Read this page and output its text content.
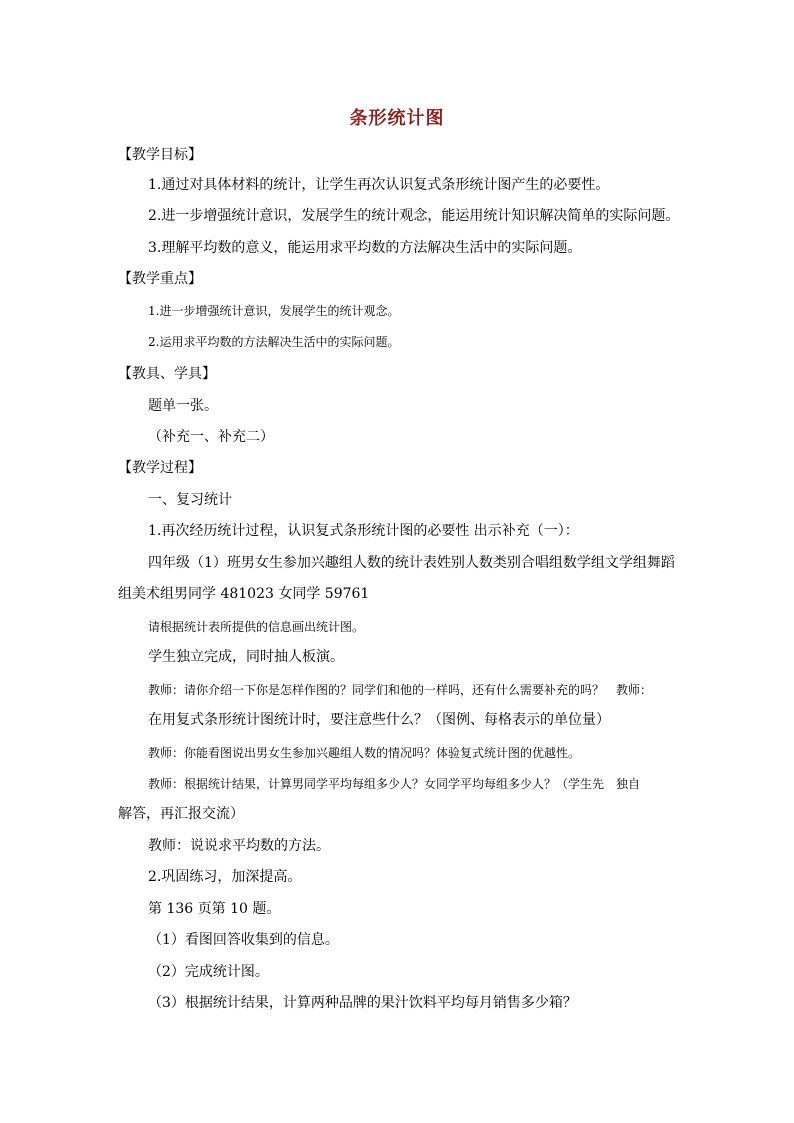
条形统计图
【教学目标】
1.通过对具体材料的统计，让学生再次认识复式条形统计图产生的必要性。
2.进一步增强统计意识，发展学生的统计观念，能运用统计知识解决简单的实际问题。
3.理解平均数的意义，能运用求平均数的方法解决生活中的实际问题。
【教学重点】
1.进一步增强统计意识，发展学生的统计观念。
2.运用求平均数的方法解决生活中的实际问题。
【教具、学具】
题单一张。
（补充一、补充二）
【教学过程】
一、复习统计
1.再次经历统计过程，认识复式条形统计图的必要性 出示补充（一）：
四年级（1）班男女生参加兴趣组人数的统计表姓别人数类别合唱组数学组文学组舞蹈
组美术组男同学 481023 女同学 59761
请根据统计表所提供的信息画出统计图。
学生独立完成，同时抽人板演。
教师：请你介绍一下你是怎样作图的？同学们和他的一样吗，还有什么需要补充的吗？　教师：
在用复式条形统计图统计时，要注意些什么？（图例、每格表示的单位量）
教师：你能看图说出男女生参加兴趣组人数的情况吗？体验复式统计图的优越性。
教师：根据统计结果，计算男同学平均每组多少人？女同学平均每组多少人？（学生先　独自
解答，再汇报交流）
教师：说说求平均数的方法。
2.巩固练习，加深提高。
第 136 页第 10 题。
（1）看图回答收集到的信息。
（2）完成统计图。
（3）根据统计结果，计算两种品牌的果汁饮料平均每月销售多少箱？
